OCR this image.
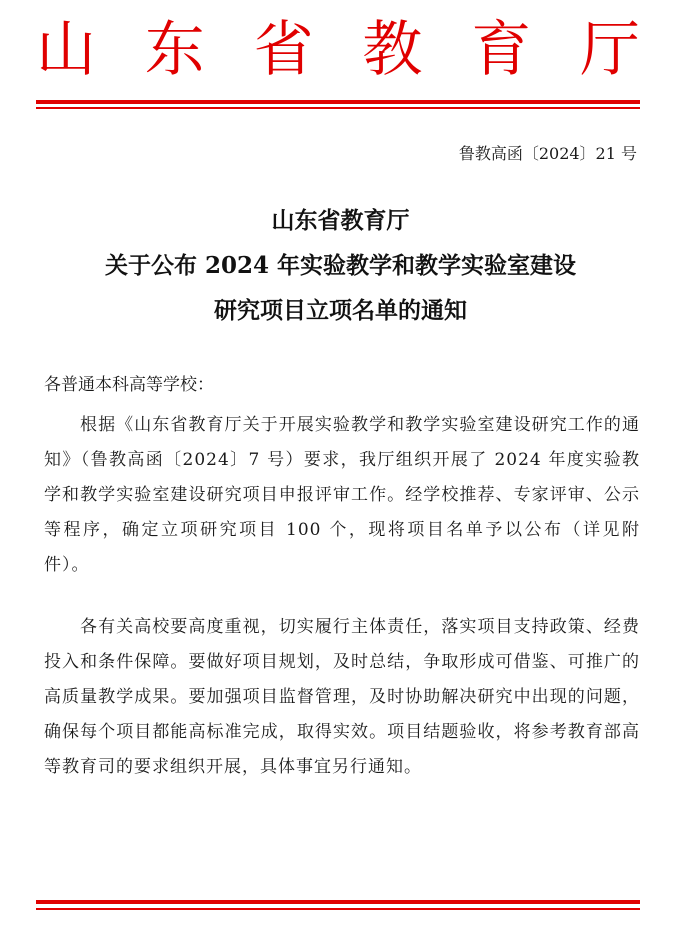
山 东 省 教 育 厅
鲁教高函〔2024〕21 号
山东省教育厅
关于公布 2024 年实验教学和教学实验室建设
研究项目立项名单的通知
各普通本科高等学校：
根据《山东省教育厅关于开展实验教学和教学实验室建设研究工作的通知》（鲁教高函〔2024〕7 号）要求，我厅组织开展了 2024 年度实验教学和教学实验室建设研究项目申报评审工作。经学校推荐、专家评审、公示等程序，确定立项研究项目 100 个，现将项目名单予以公布（详见附件）。
各有关高校要高度重视，切实履行主体责任，落实项目支持政策、经费投入和条件保障。要做好项目规划，及时总结，争取形成可借鉴、可推广的高质量教学成果。要加强项目监督管理，及时协助解决研究中出现的问题，确保每个项目都能高标准完成，取得实效。项目结题验收，将参考教育部高等教育司的要求组织开展，具体事宜另行通知。
